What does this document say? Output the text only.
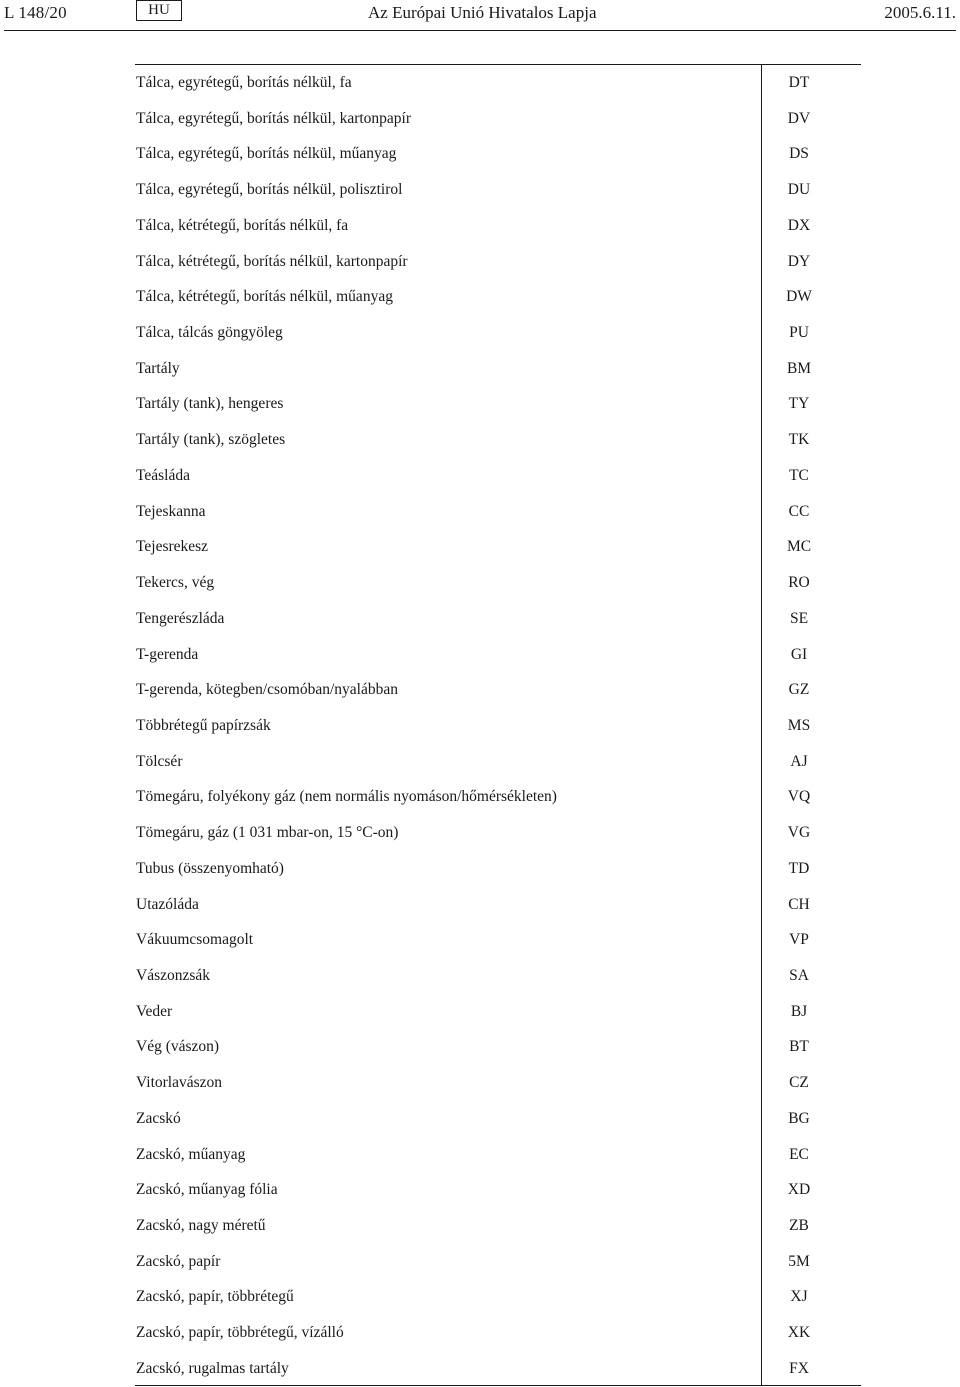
L 148/20	HU	Az Európai Unió Hivatalos Lapja	2005.6.11.
Tálca, egyrétegű, borítás nélkül, fa	DT
Tálca, egyrétegű, borítás nélkül, kartonpapír	DV
Tálca, egyrétegű, borítás nélkül, műanyag	DS
Tálca, egyrétegű, borítás nélkül, polisztirol	DU
Tálca, kétrétegű, borítás nélkül, fa	DX
Tálca, kétrétegű, borítás nélkül, kartonpapír	DY
Tálca, kétrétegű, borítás nélkül, műanyag	DW
Tálca, tálcás göngyöleg	PU
Tartály	BM
Tartály (tank), hengeres	TY
Tartály (tank), szögletes	TK
Teásláda	TC
Tejeskanna	CC
Tejesrekesz	MC
Tekercs, vég	RO
Tengerészláda	SE
T-gerenda	GI
T-gerenda, kötegben/csomóban/nyalábban	GZ
Többrétegű papírzsák	MS
Tölcsér	AJ
Tömegáru, folyékony gáz (nem normális nyomáson/hőmérsékleten)	VQ
Tömegáru, gáz (1 031 mbar-on, 15 °C-on)	VG
Tubus (összenyomható)	TD
Utazóláda	CH
Vákuumcsomagolt	VP
Vászonzsák	SA
Veder	BJ
Vég (vászon)	BT
Vitorlavászon	CZ
Zacskó	BG
Zacskó, műanyag	EC
Zacskó, műanyag fólia	XD
Zacskó, nagy méretű	ZB
Zacskó, papír	5M
Zacskó, papír, többrétegű	XJ
Zacskó, papír, többrétegű, vízálló	XK
Zacskó, rugalmas tartály	FX
